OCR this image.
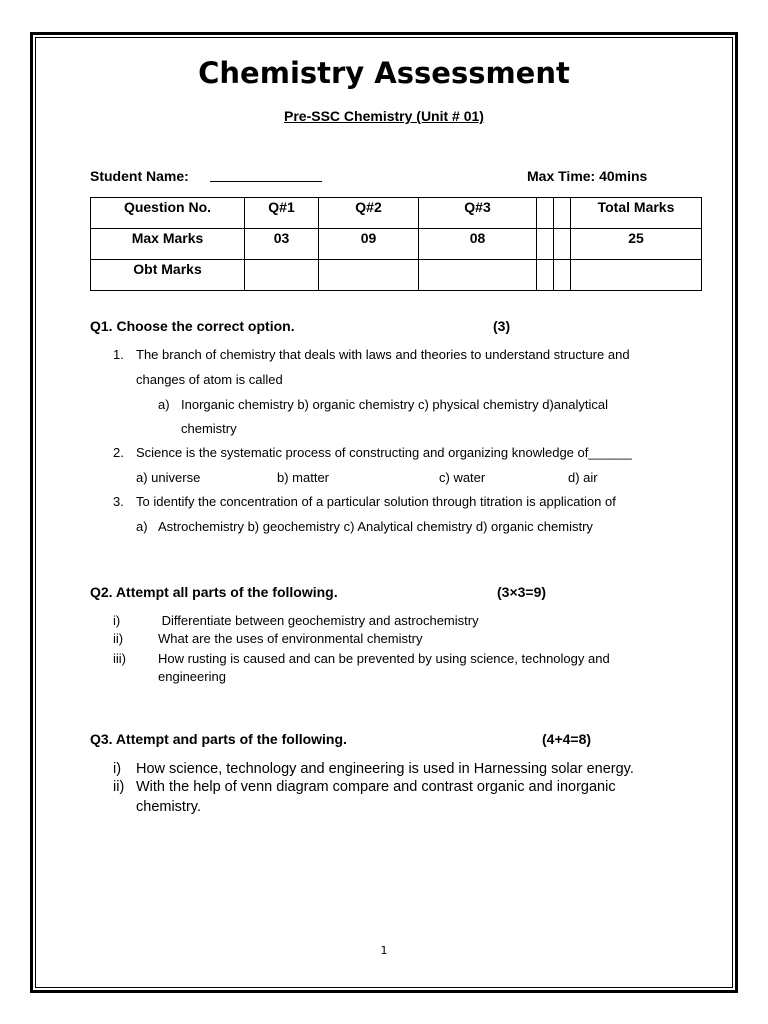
Chemistry Assessment
Pre-SSC Chemistry (Unit # 01)
Student Name:	Max Time: 40mins
Question No.	Q#1	Q#2	Q#3			Total Marks
Max Marks	03	09	08			25
Obt Marks						
Q1. Choose the correct option.	(3)
1. The branch of chemistry that deals with laws and theories to understand structure and
changes of atom is called
a) Inorganic chemistry b) organic chemistry c) physical chemistry d)analytical
chemistry
2. Science is the systematic process of constructing and organizing knowledge of______
a) universe	b) matter	c) water	d) air
3. To identify the concentration of a particular solution through titration is application of
a) Astrochemistry b) geochemistry c) Analytical chemistry d) organic chemistry
Q2. Attempt all parts of the following.	(3×3=9)
i)	Differentiate between geochemistry and astrochemistry
ii)	What are the uses of environmental chemistry
iii) How rusting is caused and can be prevented by using science, technology and
engineering
Q3. Attempt and parts of the following.	(4+4=8)
i) How science, technology and engineering is used in Harnessing solar energy.
ii) With the help of venn diagram compare and contrast organic and inorganic
chemistry.
1
